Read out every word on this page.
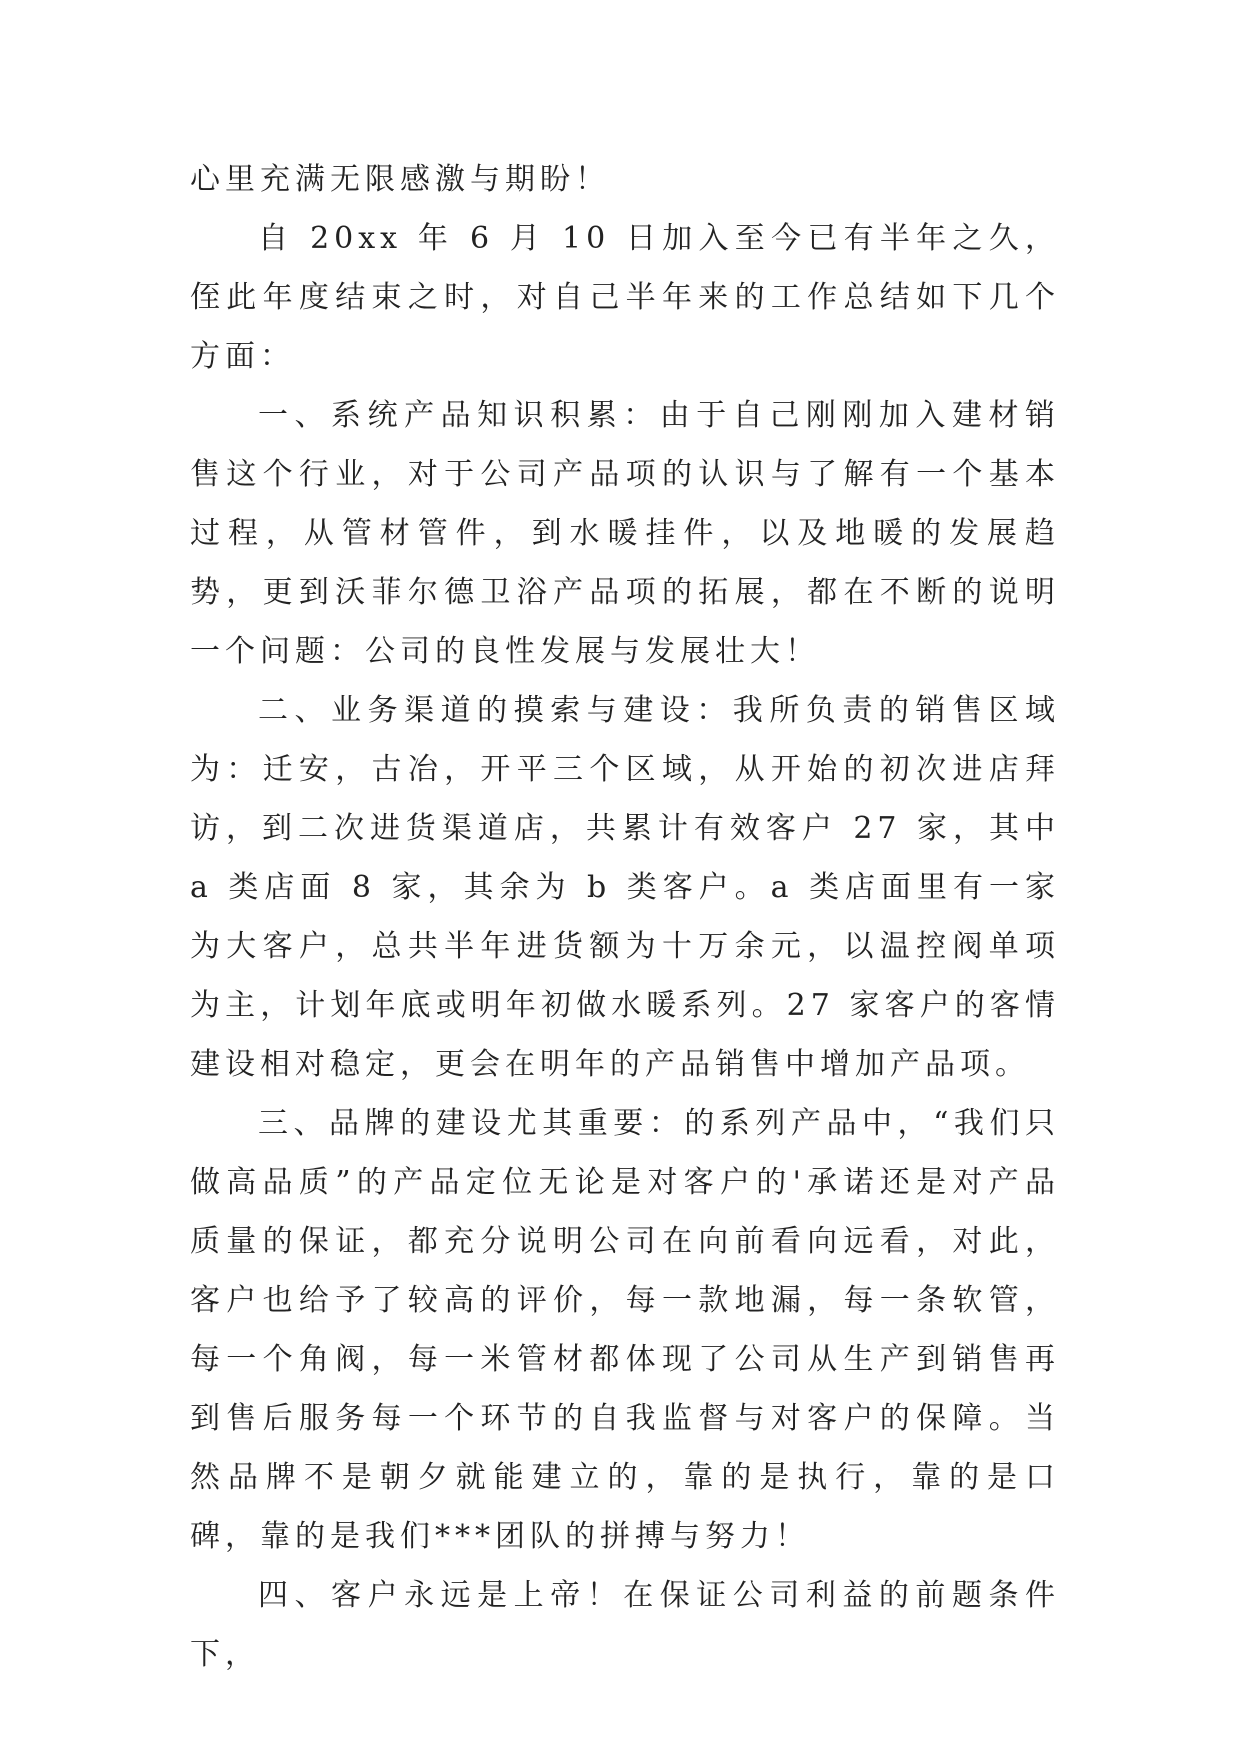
心里充满无限感激与期盼！

自 20xx 年 6 月 10 日加入至今已有半年之久，侄此年度结束之时，对自己半年来的工作总结如下几个方面：

一、系统产品知识积累：由于自己刚刚加入建材销售这个行业，对于公司产品项的认识与了解有一个基本过程，从管材管件，到水暖挂件，以及地暖的发展趋势，更到沃菲尔德卫浴产品项的拓展，都在不断的说明一个问题：公司的良性发展与发展壮大！

二、业务渠道的摸索与建设：我所负责的销售区域为：迁安，古冶，开平三个区域，从开始的初次进店拜访，到二次进货渠道店，共累计有效客户 27 家，其中 a 类店面 8 家，其余为 b 类客户。a 类店面里有一家为大客户，总共半年进货额为十万余元，以温控阀单项为主，计划年底或明年初做水暖系列。27 家客户的客情建设相对稳定，更会在明年的产品销售中增加产品项。

三、品牌的建设尤其重要：的系列产品中，“我们只做高品质”的产品定位无论是对客户的'承诺还是对产品质量的保证，都充分说明公司在向前看向远看，对此，客户也给予了较高的评价，每一款地漏，每一条软管，每一个角阀，每一米管材都体现了公司从生产到销售再到售后服务每一个环节的自我监督与对客户的保障。当然品牌不是朝夕就能建立的，靠的是执行，靠的是口碑，靠的是我们***团队的拼搏与努力！

四、客户永远是上帝！在保证公司利益的前题条件下，
